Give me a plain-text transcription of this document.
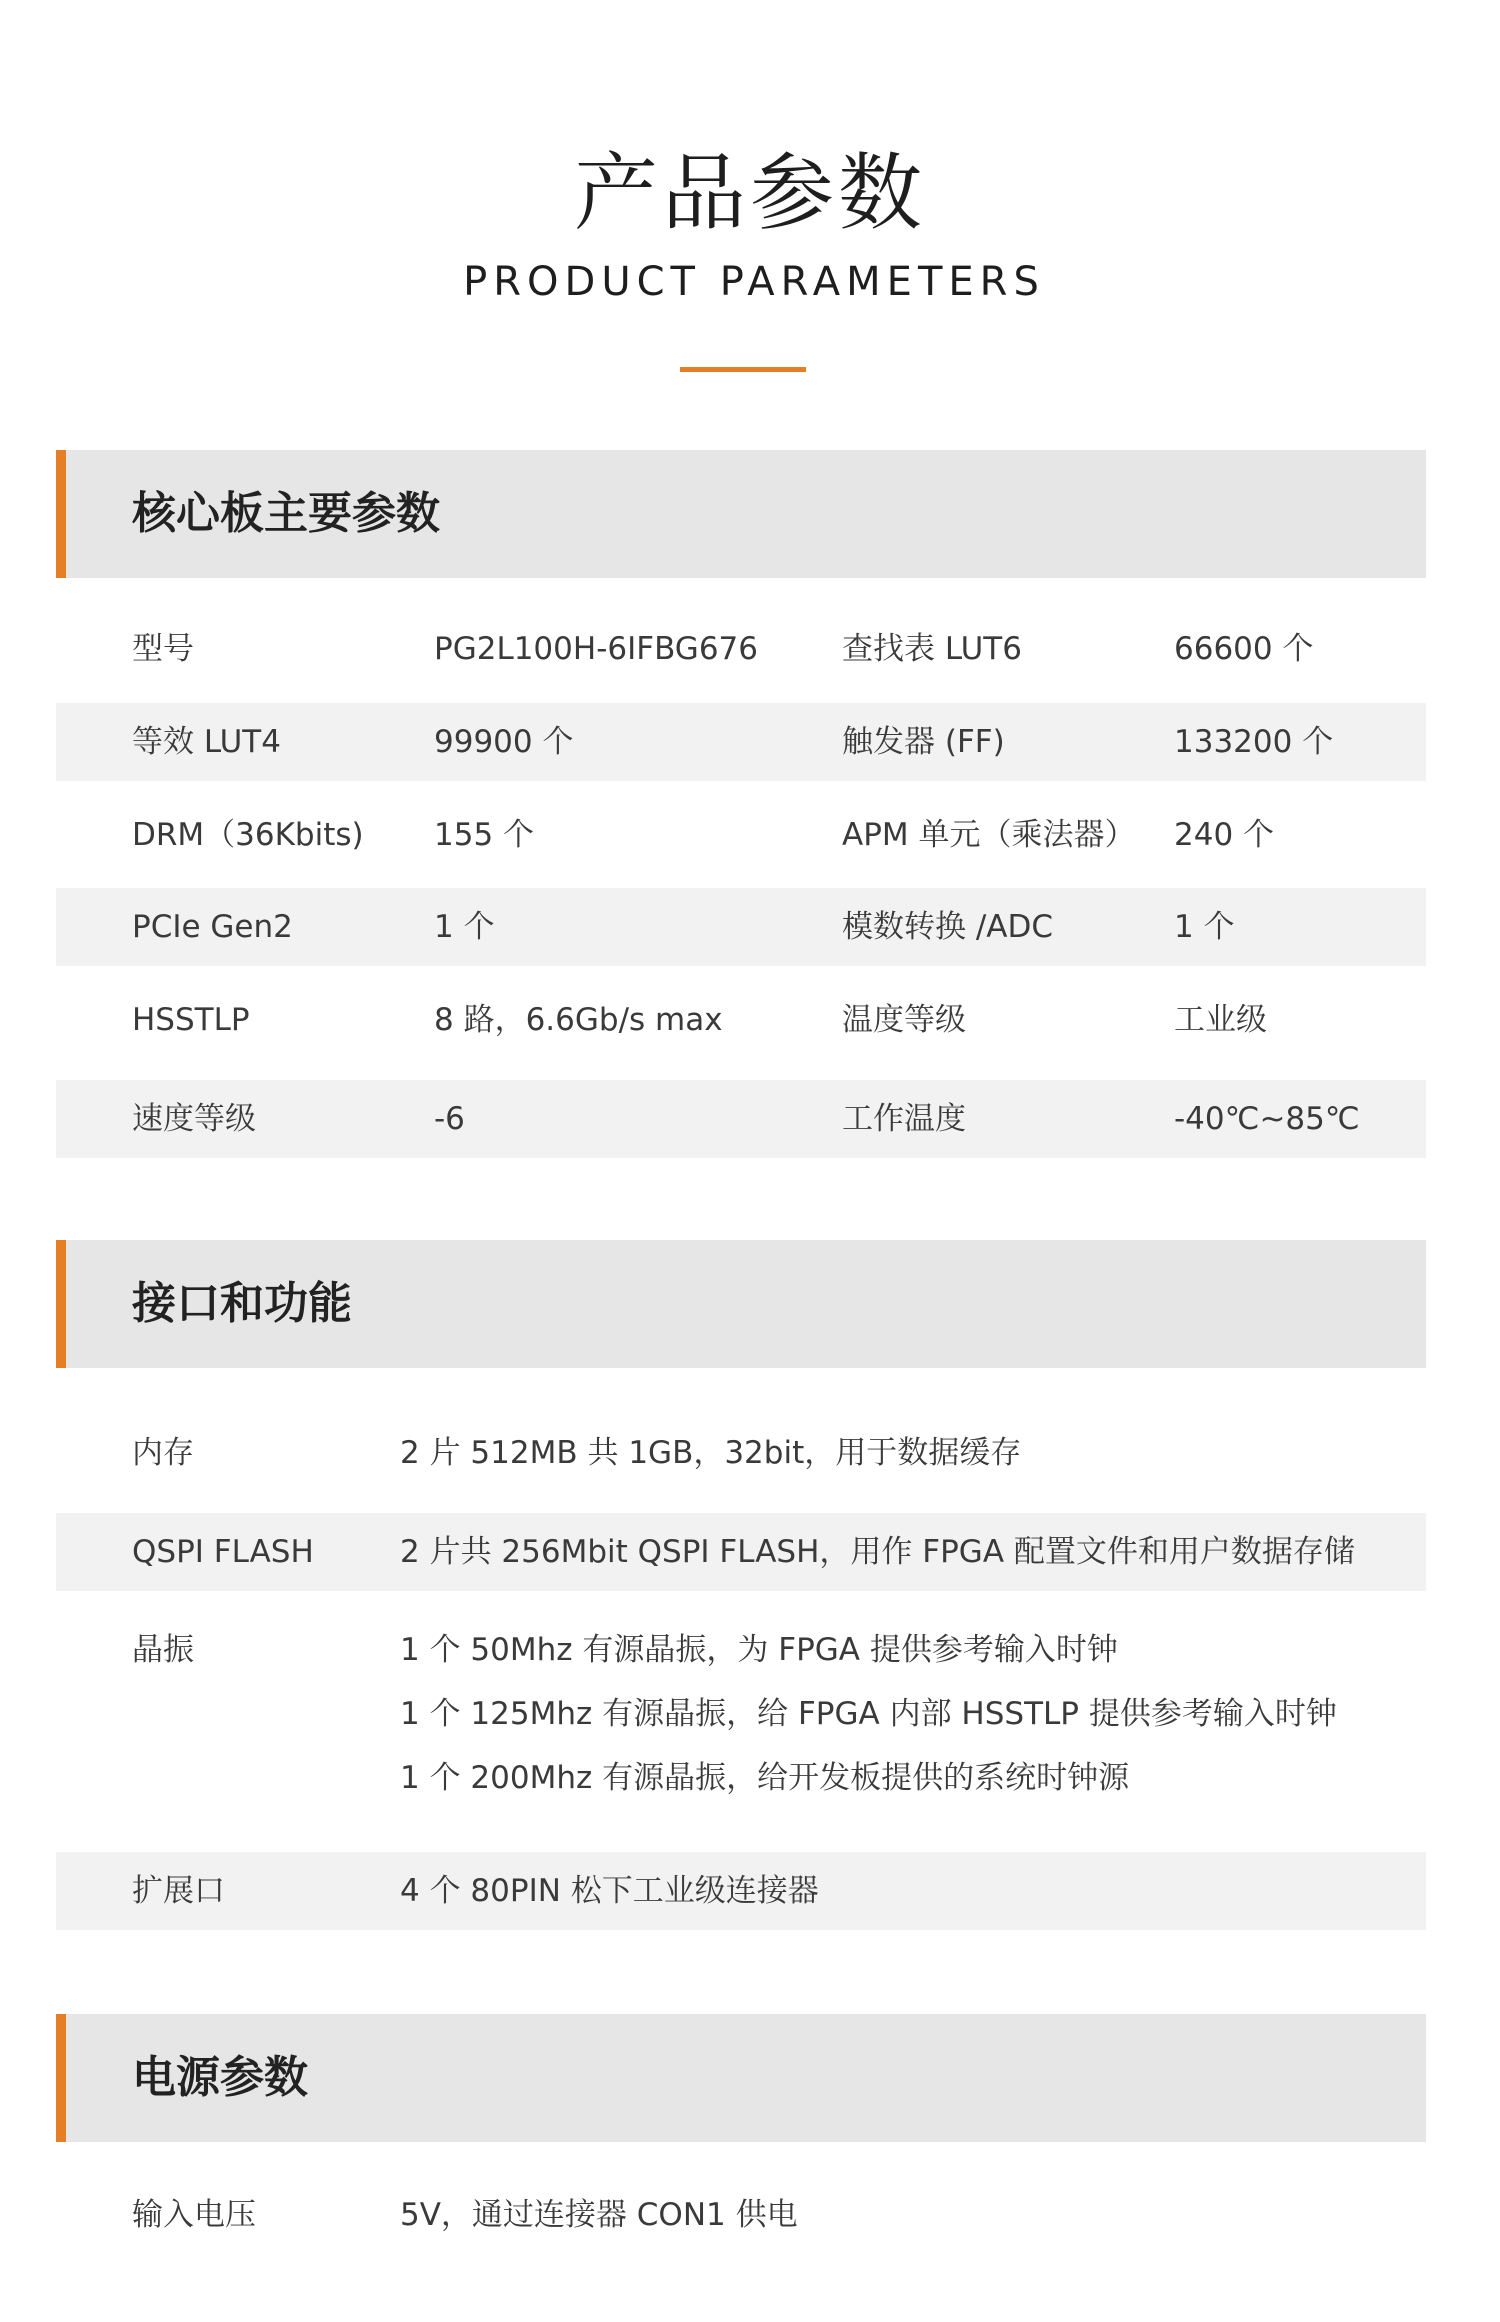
产品参数
PRODUCT PARAMETERS
核心板主要参数
型号	PG2L100H-6IFBG676	查找表 LUT6	66600 个
等效 LUT4	99900 个	触发器 (FF)	133200 个
DRM（36Kbits) 155 个	APM 单元（乘法器） 240 个
PCIe Gen2	1 个	模数转换 /ADC	1 个
HSSTLP	8 路，6.6Gb/s max	温度等级	工业级
速度等级	-6	工作温度	-40℃~85℃
接口和功能
内存	2 片 512MB 共 1GB，32bit，用于数据缓存
QSPI FLASH	2 片共 256Mbit QSPI FLASH，用作 FPGA 配置文件和用户数据存储
晶振	1 个 50Mhz 有源晶振，为 FPGA 提供参考输入时钟
1 个 125Mhz 有源晶振，给 FPGA 内部 HSSTLP 提供参考输入时钟
1 个 200Mhz 有源晶振，给开发板提供的系统时钟源
扩展口	4 个 80PIN 松下工业级连接器
电源参数
输入电压	5V，通过连接器 CON1 供电
